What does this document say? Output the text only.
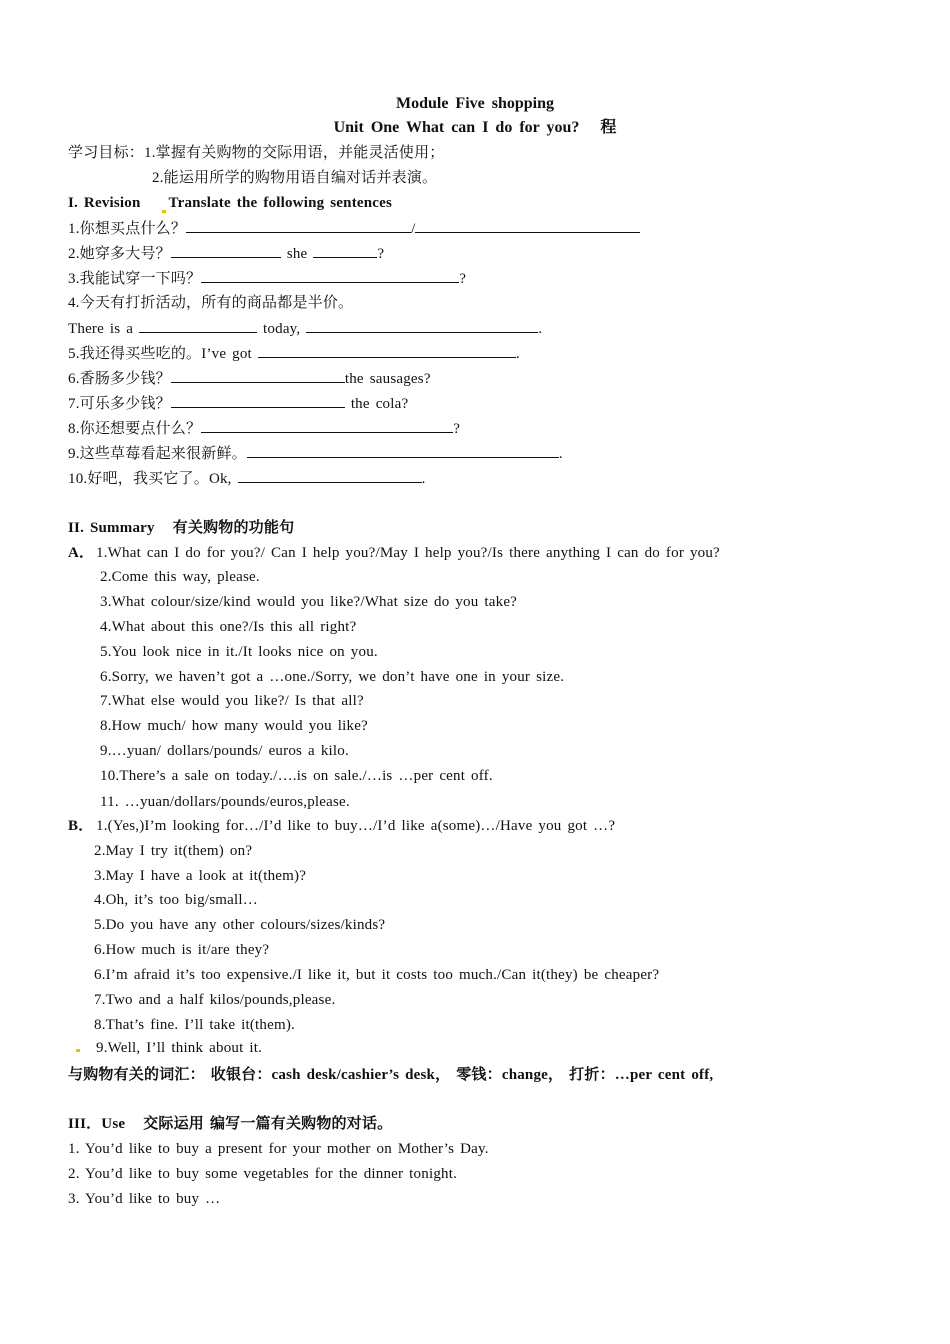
Module Five shopping
Unit One What can I do for you? 程
学习目标：1.掌握有关购物的交际用语，并能灵活使用；
2.能运用所学的购物用语自编对话并表演。
I. Revision Translate the following sentences
1.你想买点什么？	/
2.她穿多大号？	she	?
3.我能试穿一下吗？	?
4.今天有打折活动，所有的商品都是半价。
There is a	today,	.
5.我还得买些吃的。I’ve got	.
6.香肠多少钱？	the sausages?
7.可乐多少钱？	the cola?
8.你还想要点什么？	?
9.这些草莓看起来很新鲜。	.
10.好吧，我买它了。Ok,	.
II. Summary 有关购物的功能句
A． 1.What can I do for you?/ Can I help you?/May I help you?/Is there anything I can do for you?
2.Come this way, please.
3.What colour/size/kind would you like?/What size do you take?
4.What about this one?/Is this all right?
5.You look nice in it./It looks nice on you.
6.Sorry, we haven’t got a …one./Sorry, we don’t have one in your size.
7.What else would you like?/ Is that all?
8.How much/ how many would you like?
9.…yuan/ dollars/pounds/ euros a kilo.
10.There’s a sale on today./….is on sale./…is …per cent off.
11. …yuan/dollars/pounds/euros,please.
B． 1.(Yes,)I’m looking for…/I’d like to buy…/I’d like a(some)…/Have you got …?
2.May I try it(them) on?
3.May I have a look at it(them)?
4.Oh, it’s too big/small…
5.Do you have any other colours/sizes/kinds?
6.How much is it/are they?
6.I’m afraid it’s too expensive./I like it, but it costs too much./Can it(they) be cheaper?
7.Two and a half kilos/pounds,please.
8.That’s fine. I’ll take it(them).
9.Well, I’ll think about it.
与购物有关的词汇： 收银台：cash desk/cashier’s desk， 零钱：change， 打折：…per cent off,
III．Use 交际运用 编写一篇有关购物的对话。
1. You’d like to buy a present for your mother on Mother’s Day.
2. You’d like to buy some vegetables for the dinner tonight.
3. You’d like to buy …
